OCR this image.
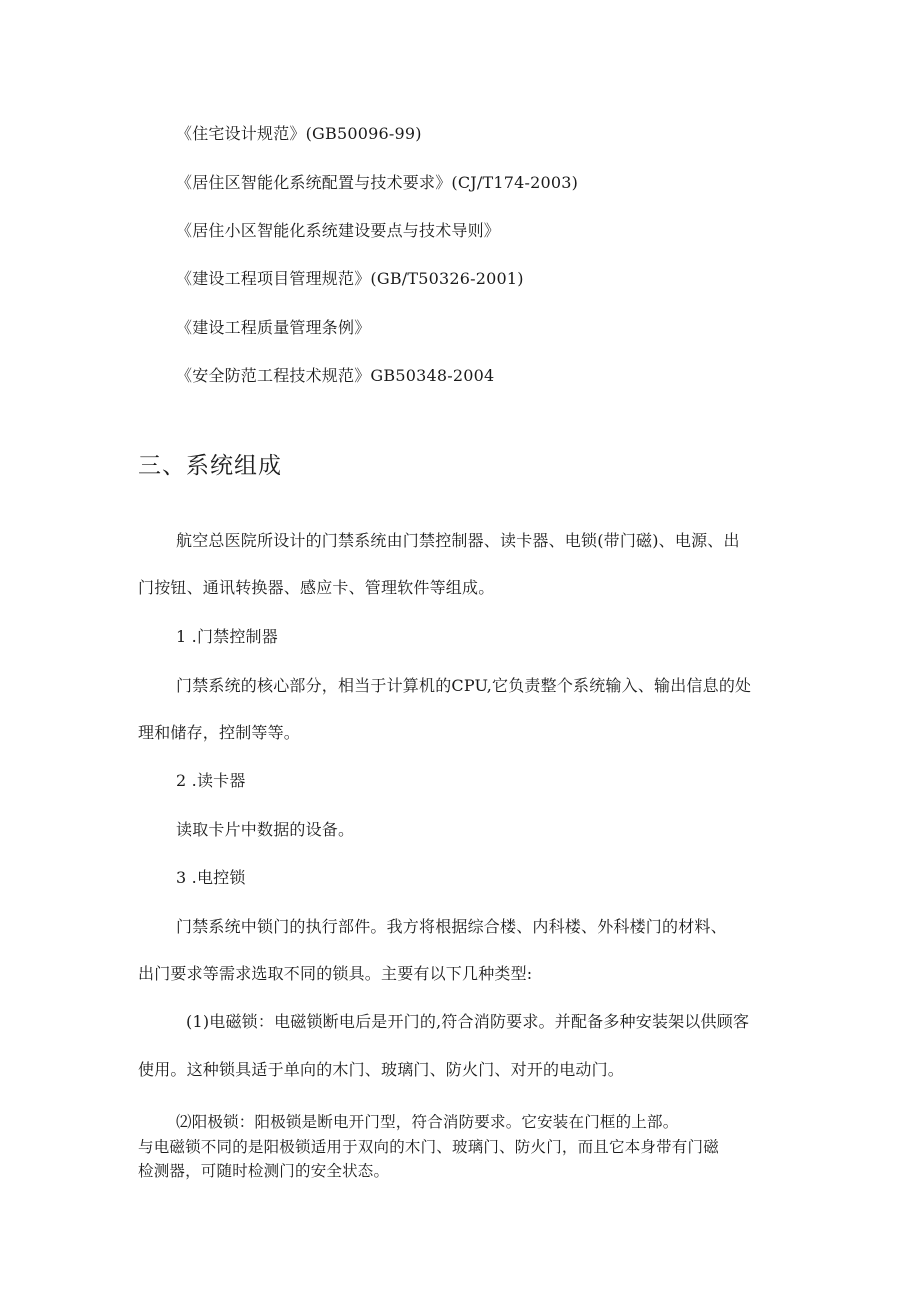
《住宅设计规范》(GB50096-99)
《居住区智能化系统配置与技术要求》(CJ/T174-2003)
《居住小区智能化系统建设要点与技术导则》
《建设工程项目管理规范》(GB/T50326-2001)
《建设工程质量管理条例》
《安全防范工程技术规范》GB50348-2004
三、系统组成
航空总医院所设计的门禁系统由门禁控制器、读卡器、电锁(带门磁)、电源、出
门按钮、通讯转换器、感应卡、管理软件等组成。
1 .门禁控制器
门禁系统的核心部分，相当于计算机的CPU,它负责整个系统输入、输出信息的处
理和储存，控制等等。
2 .读卡器
读取卡片中数据的设备。
3 .电控锁
门禁系统中锁门的执行部件。我方将根据综合楼、内科楼、外科楼门的材料、
出门要求等需求选取不同的锁具。主要有以下几种类型:
(1)电磁锁：电磁锁断电后是开门的,符合消防要求。并配备多种安装架以供顾客
使用。这种锁具适于单向的木门、玻璃门、防火门、对开的电动门。
⑵阳极锁：阳极锁是断电开门型，符合消防要求。它安装在门框的上部。
与电磁锁不同的是阳极锁适用于双向的木门、玻璃门、防火门，而且它本身带有门磁
检测器，可随时检测门的安全状态。
